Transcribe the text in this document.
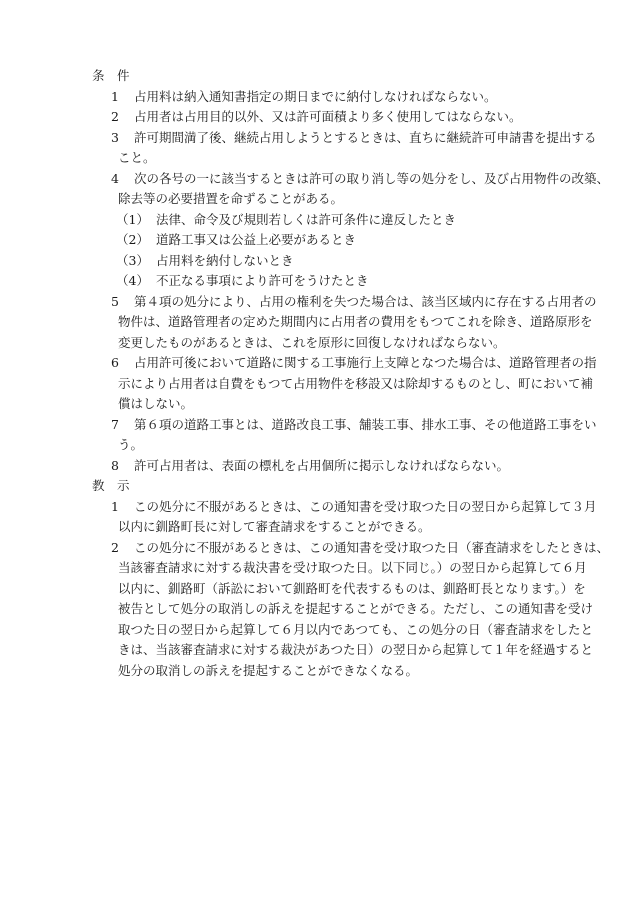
条　件
1 占用料は納入通知書指定の期日までに納付しなければならない。
2 占用者は占用目的以外、又は許可面積より多く使用してはならない。
3 許可期間満了後、継続占用しようとするときは、直ちに継続許可申請書を提出する
こと。
4 次の各号の一に該当するときは許可の取り消し等の処分をし、及び占用物件の改築、
除去等の必要措置を命ずることがある。
（1） 法律、命令及び規則若しくは許可条件に違反したとき
（2） 道路工事又は公益上必要があるとき
（3） 占用料を納付しないとき
（4） 不正なる事項により許可をうけたとき
5 第４項の処分により、占用の権利を失つた場合は、該当区域内に存在する占用者の
物件は、道路管理者の定めた期間内に占用者の費用をもつてこれを除き、道路原形を
変更したものがあるときは、これを原形に回復しなければならない。
6 占用許可後において道路に関する工事施行上支障となつた場合は、道路管理者の指
示により占用者は自費をもつて占用物件を移設又は除却するものとし、町において補
償はしない。
7 第６項の道路工事とは、道路改良工事、舗装工事、排水工事、その他道路工事をい
う。
8 許可占用者は、表面の標札を占用個所に掲示しなければならない。
教　示
1 この処分に不服があるときは、この通知書を受け取つた日の翌日から起算して３月
以内に釧路町長に対して審査請求をすることができる。
2 この処分に不服があるときは、この通知書を受け取つた日（審査請求をしたときは、
当該審査請求に対する裁決書を受け取つた日。以下同じ。）の翌日から起算して６月
以内に、釧路町（訴訟において釧路町を代表するものは、釧路町長となります。）を
被告として処分の取消しの訴えを提起することができる。ただし、この通知書を受け
取つた日の翌日から起算して６月以内であつても、この処分の日（審査請求をしたと
きは、当該審査請求に対する裁決があつた日）の翌日から起算して１年を経過すると
処分の取消しの訴えを提起することができなくなる。
